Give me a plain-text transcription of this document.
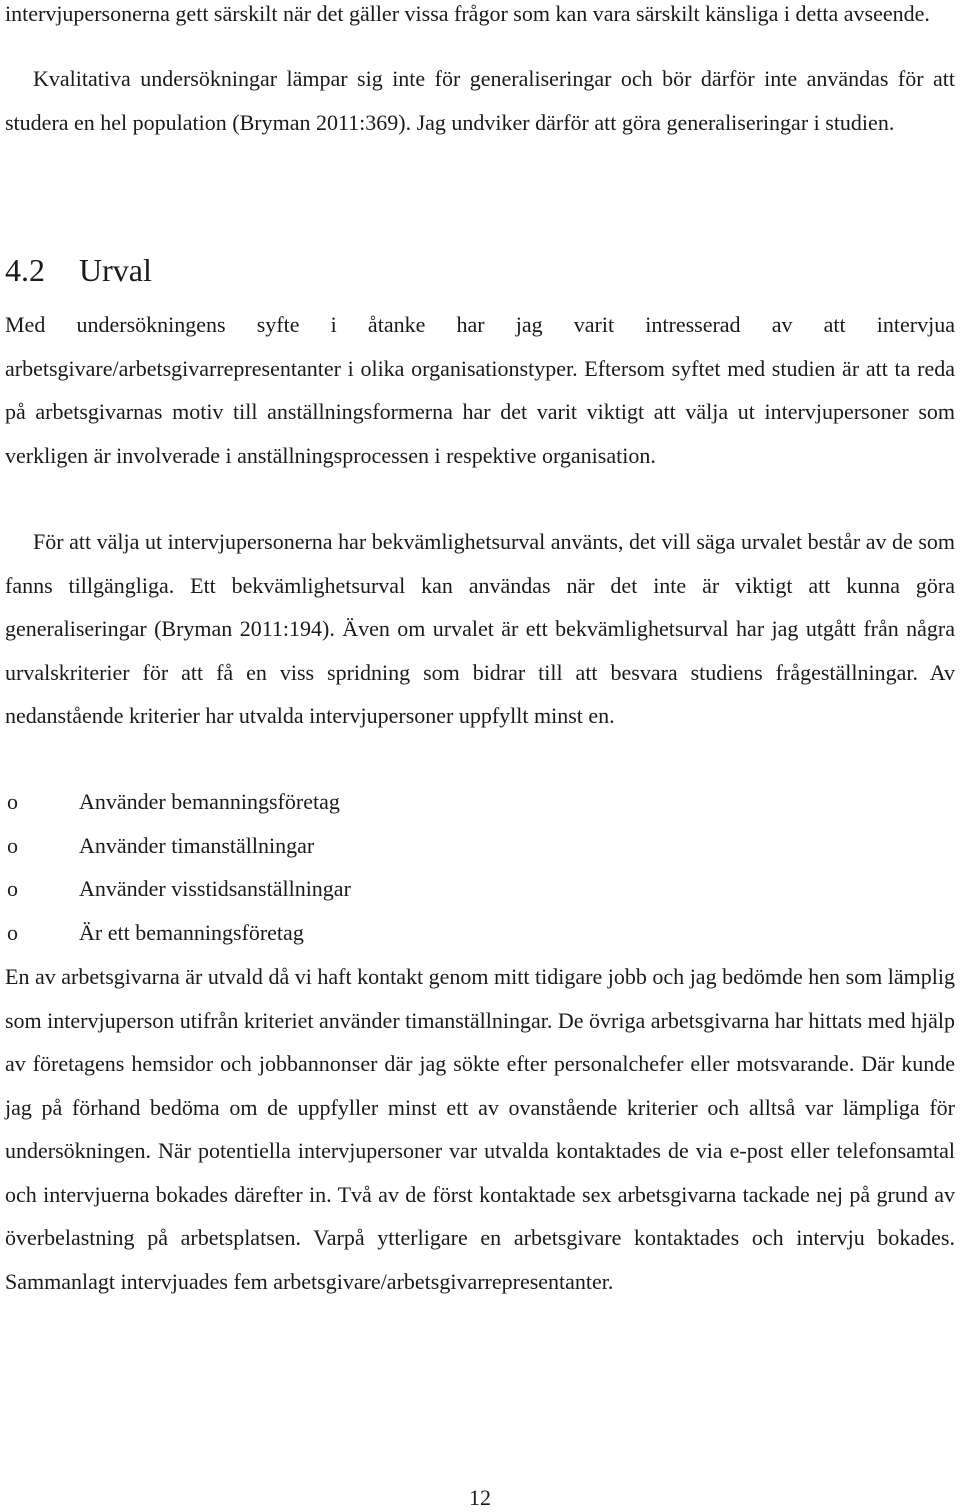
intervjupersonerna gett särskilt när det gäller vissa frågor som kan vara särskilt känsliga i detta avseende.

Kvalitativa undersökningar lämpar sig inte för generaliseringar och bör därför inte användas för att studera en hel population (Bryman 2011:369). Jag undviker därför att göra generaliseringar i studien.

4.2 Urval

Med undersökningens syfte i åtanke har jag varit intresserad av att intervjua arbetsgivare/arbetsgivarrepresentanter i olika organisationstyper. Eftersom syftet med studien är att ta reda på arbetsgivarnas motiv till anställningsformerna har det varit viktigt att välja ut intervjupersoner som verkligen är involverade i anställningsprocessen i respektive organisation.

För att välja ut intervjupersonerna har bekvämlighetsurval använts, det vill säga urvalet består av de som fanns tillgängliga. Ett bekvämlighetsurval kan användas när det inte är viktigt att kunna göra generaliseringar (Bryman 2011:194). Även om urvalet är ett bekvämlighetsurval har jag utgått från några urvalskriterier för att få en viss spridning som bidrar till att besvara studiens frågeställningar. Av nedanstående kriterier har utvalda intervjupersoner uppfyllt minst en.

o	Använder bemanningsföretag
o	Använder timanställningar
o	Använder visstidsanställningar
o	Är ett bemanningsföretag

En av arbetsgivarna är utvald då vi haft kontakt genom mitt tidigare jobb och jag bedömde hen som lämplig som intervjuperson utifrån kriteriet använder timanställningar. De övriga arbetsgivarna har hittats med hjälp av företagens hemsidor och jobbannonser där jag sökte efter personalchefer eller motsvarande. Där kunde jag på förhand bedöma om de uppfyller minst ett av ovanstående kriterier och alltså var lämpliga för undersökningen. När potentiella intervjupersoner var utvalda kontaktades de via e-post eller telefonsamtal och intervjuerna bokades därefter in. Två av de först kontaktade sex arbetsgivarna tackade nej på grund av överbelastning på arbetsplatsen. Varpå ytterligare en arbetsgivare kontaktades och intervju bokades. Sammanlagt intervjuades fem arbetsgivare/arbetsgivarrepresentanter.

12
